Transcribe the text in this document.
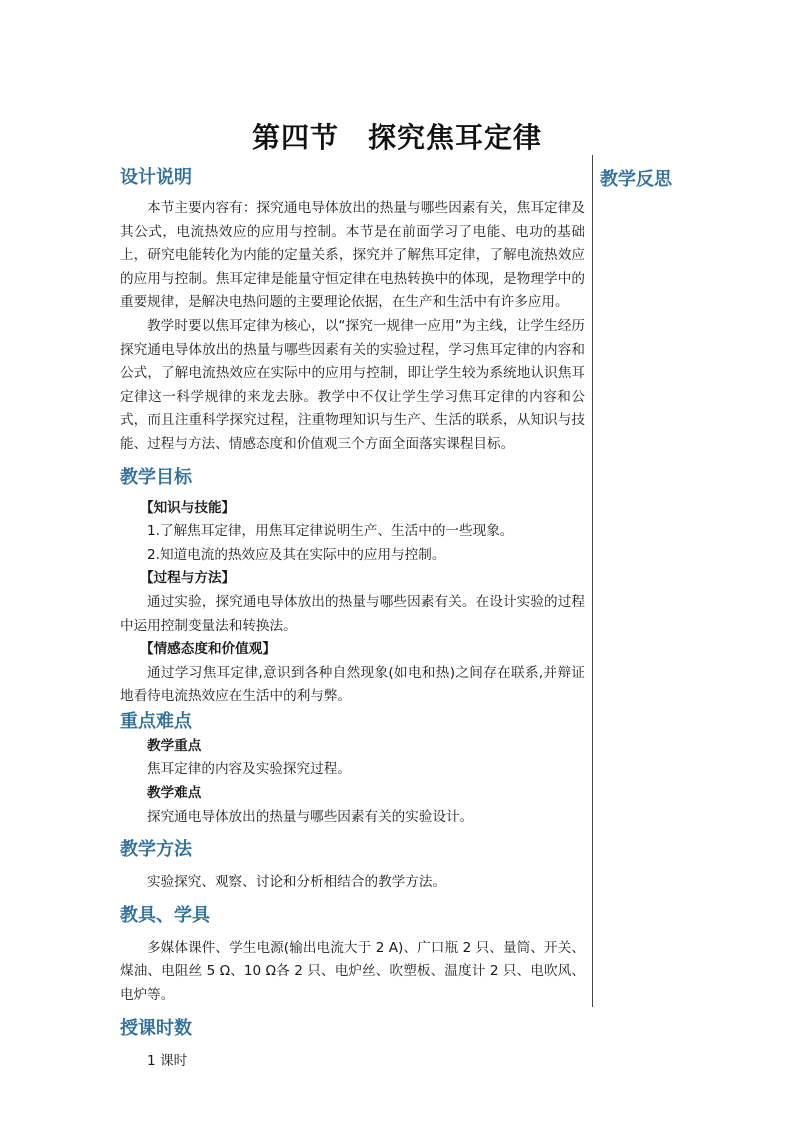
第四节　探究焦耳定律
教学反思
设计说明

本节主要内容有：探究通电导体放出的热量与哪些因素有关，焦耳定律及其公式，电流热效应的应用与控制。本节是在前面学习了电能、电功的基础上，研究电能转化为内能的定量关系，探究并了解焦耳定律，了解电流热效应的应用与控制。焦耳定律是能量守恒定律在电热转换中的体现，是物理学中的重要规律，是解决电热问题的主要理论依据，在生产和生活中有许多应用。

教学时要以焦耳定律为核心，以“探究一规律一应用”为主线，让学生经历探究通电导体放出的热量与哪些因素有关的实验过程，学习焦耳定律的内容和公式，了解电流热效应在实际中的应用与控制，即让学生较为系统地认识焦耳定律这一科学规律的来龙去脉。教学中不仅让学生学习焦耳定律的内容和公式，而且注重科学探究过程，注重物理知识与生产、生活的联系，从知识与技能、过程与方法、情感态度和价值观三个方面全面落实课程目标。

教学目标

【知识与技能】

1.了解焦耳定律，用焦耳定律说明生产、生活中的一些现象。

2.知道电流的热效应及其在实际中的应用与控制。

【过程与方法】

通过实验，探究通电导体放出的热量与哪些因素有关。在设计实验的过程中运用控制变量法和转换法。

【情感态度和价值观】

通过学习焦耳定律,意识到各种自然现象(如电和热)之间存在联系,并辩证地看待电流热效应在生活中的利与弊。

重点难点

教学重点

焦耳定律的内容及实验探究过程。

教学难点

探究通电导体放出的热量与哪些因素有关的实验设计。

教学方法

实验探究、观察、讨论和分析相结合的教学方法。

教具、学具

多媒体课件、学生电源(输出电流大于 2 A)、广口瓶 2 只、量筒、开关、煤油、电阻丝 5 Ω、10 Ω各 2 只、电炉丝、吹塑板、温度计 2 只、电吹风、电炉等。

授课时数

1 课时
